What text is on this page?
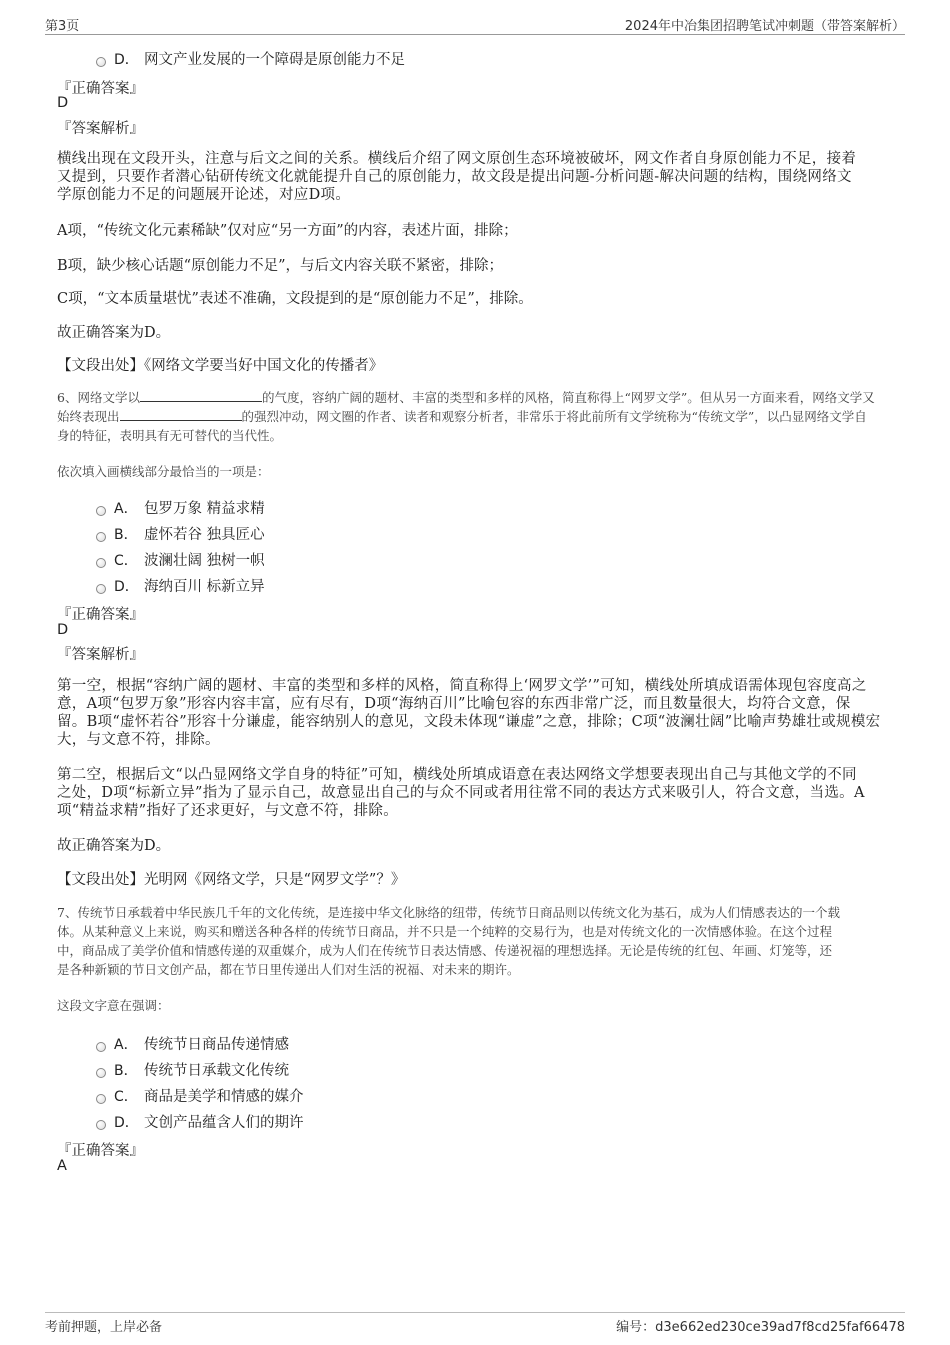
第3页	2024年中冶集团招聘笔试冲刺题（带答案解析）
D． 网文产业发展的一个障碍是原创能力不足
『正确答案』
D
『答案解析』

横线出现在文段开头，注意与后文之间的关系。横线后介绍了网文原创生态环境被破坏，网文作者自身原创能力不足，接着

又提到，只要作者潜心钻研传统文化就能提升自己的原创能力，故文段是提出问题-分析问题-解决问题的结构，围绕网络文

学原创能力不足的问题展开论述，对应D项。

A项，“传统文化元素稀缺”仅对应“另一方面”的内容，表述片面，排除；
B项，缺少核心话题“原创能力不足”，与后文内容关联不紧密，排除；
C项，“文本质量堪忧”表述不准确，文段提到的是“原创能力不足”，排除。
故正确答案为D。
【文段出处】《网络文学要当好中国文化的传播者》
6、网络文学以	的气度，容纳广阔的题材、丰富的类型和多样的风格，简直称得上“网罗文学”。但从另一方面来看，网络文学又
始终表现出	的强烈冲动，网文圈的作者、读者和观察分析者，非常乐于将此前所有文学统称为“传统文学”，以凸显网络文学自
身的特征，表明具有无可替代的当代性。
依次填入画横线部分最恰当的一项是：
A． 包罗万象 精益求精
B． 虚怀若谷 独具匠心
C． 波澜壮阔 独树一帜
D． 海纳百川 标新立异
『正确答案』
D
『答案解析』

第一空，根据“容纳广阔的题材、丰富的类型和多样的风格，简直称得上‘网罗文学’”可知，横线处所填成语需体现包容度高之

意，A项“包罗万象”形容内容丰富，应有尽有，D项“海纳百川”比喻包容的东西非常广泛，而且数量很大，均符合文意，保

留。B项“虚怀若谷”形容十分谦虚，能容纳别人的意见，文段未体现“谦虚”之意，排除；C项“波澜壮阔”比喻声势雄壮或规模宏

大，与文意不符，排除。

第二空，根据后文“以凸显网络文学自身的特征”可知，横线处所填成语意在表达网络文学想要表现出自己与其他文学的不同

之处，D项“标新立异”指为了显示自己，故意显出自己的与众不同或者用往常不同的表达方式来吸引人，符合文意，当选。A

项“精益求精”指好了还求更好，与文意不符，排除。

故正确答案为D。
【文段出处】光明网《网络文学，只是“网罗文学”？》
7、传统节日承载着中华民族几千年的文化传统，是连接中华文化脉络的纽带，传统节日商品则以传统文化为基石，成为人们情感表达的一个载
体。从某种意义上来说，购买和赠送各种各样的传统节日商品，并不只是一个纯粹的交易行为，也是对传统文化的一次情感体验。在这个过程
中，商品成了美学价值和情感传递的双重媒介，成为人们在传统节日表达情感、传递祝福的理想选择。无论是传统的红包、年画、灯笼等，还
是各种新颖的节日文创产品，都在节日里传递出人们对生活的祝福、对未来的期许。
这段文字意在强调：
A． 传统节日商品传递情感
B． 传统节日承载文化传统
C． 商品是美学和情感的媒介
D． 文创产品蕴含人们的期许
『正确答案』
A
考前押题，上岸必备	编号：d3e662ed230ce39ad7f8cd25faf66478
